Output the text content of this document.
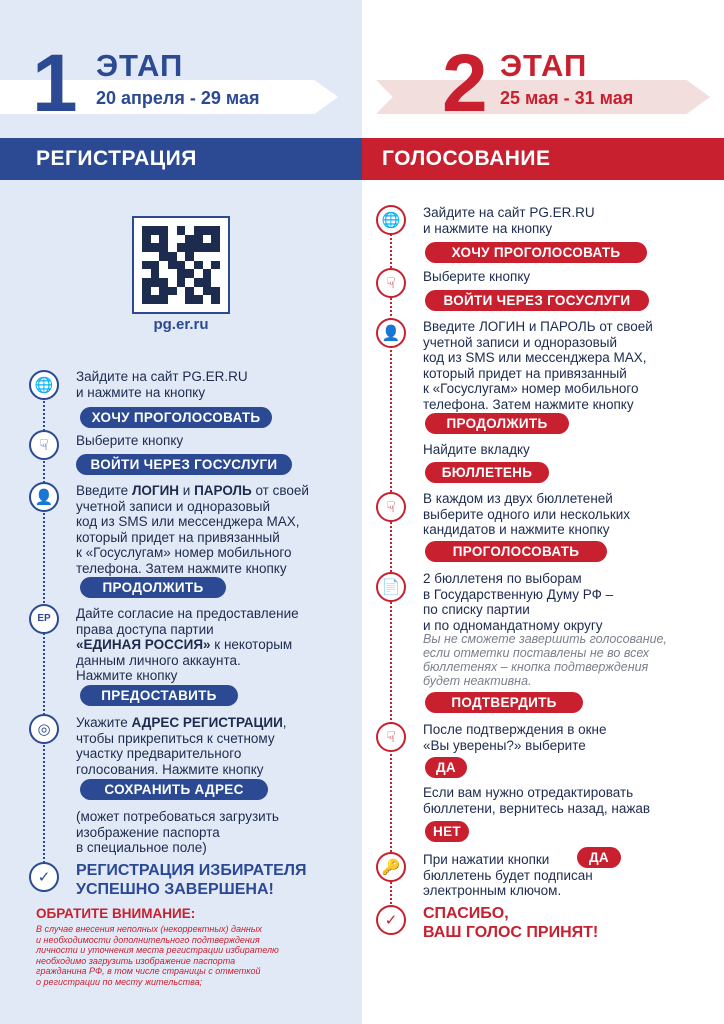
1 ЭТАП
20 апреля - 29 мая 2 ЭТАП
25 мая - 31 мая
РЕГИСТРАЦИЯ	ГОЛОСОВАНИЕ
pg.er.ru
🌐	Зайдите на сайт PG.ER.RU
и нажмите на кнопку
ХОЧУ ПРОГОЛОСОВАТЬ
☟	Выберите кнопку
ВОЙТИ ЧЕРЕЗ ГОСУСЛУГИ
👤	Введите ЛОГИН и ПАРОЛЬ от своей
учетной записи и одноразовый
код из SMS или мессенджера MAX,
который придет на привязанный
к «Госуслугам» номер мобильного
телефона. Затем нажмите кнопку
ПРОДОЛЖИТЬ
ЕР	Дайте согласие на предоставление
права доступа партии
«ЕДИНАЯ РОССИЯ» к некоторым
данным личного аккаунта.
Нажмите кнопку
ПРЕДОСТАВИТЬ
◎	Укажите АДРЕС РЕГИСТРАЦИИ,
чтобы прикрепиться к счетному
участку предварительного
голосования. Нажмите кнопку
СОХРАНИТЬ АДРЕС
(может потребоваться загрузить
изображение паспорта
в специальное поле)
✓	РЕГИСТРАЦИЯ ИЗБИРАТЕЛЯ
УСПЕШНО ЗАВЕРШЕНА!
ОБРАТИТЕ ВНИМАНИЕ:
В случае внесения неполных (некорректных) данных
и необходимости дополнительного подтверждения
личности и уточнения места регистрации избирателю
необходимо загрузить изображение паспорта
гражданина РФ, в том числе страницы с отметкой
о регистрации по месту жительства;
🌐	Зайдите на сайт PG.ER.RU
и нажмите на кнопку
ХОЧУ ПРОГОЛОСОВАТЬ
☟	Выберите кнопку
ВОЙТИ ЧЕРЕЗ ГОСУСЛУГИ
👤	Введите ЛОГИН и ПАРОЛЬ от своей
учетной записи и одноразовый
код из SMS или мессенджера MAX,
который придет на привязанный
к «Госуслугам» номер мобильного
телефона. Затем нажмите кнопку
ПРОДОЛЖИТЬ
Найдите вкладку
БЮЛЛЕТЕНЬ
☟	В каждом из двух бюллетеней
выберите одного или нескольких
кандидатов и нажмите кнопку
ПРОГОЛОСОВАТЬ
📄	2 бюллетеня по выборам
в Государственную Думу РФ –
по списку партии
и по одномандатному округу
Вы не сможете завершить голосование,
если отметки поставлены не во всех
бюллетенях – кнопка подтверждения
будет неактивна.
ПОДТВЕРДИТЬ
☟	После подтверждения в окне
«Вы уверены?» выберите
ДА
Если вам нужно отредактировать
бюллетени, вернитесь назад, нажав
НЕТ
🔑	При нажатии кнопки
бюллетень будет подписан
электронным ключом.
ДА
✓	СПАСИБО,
ВАШ ГОЛОС ПРИНЯТ!
